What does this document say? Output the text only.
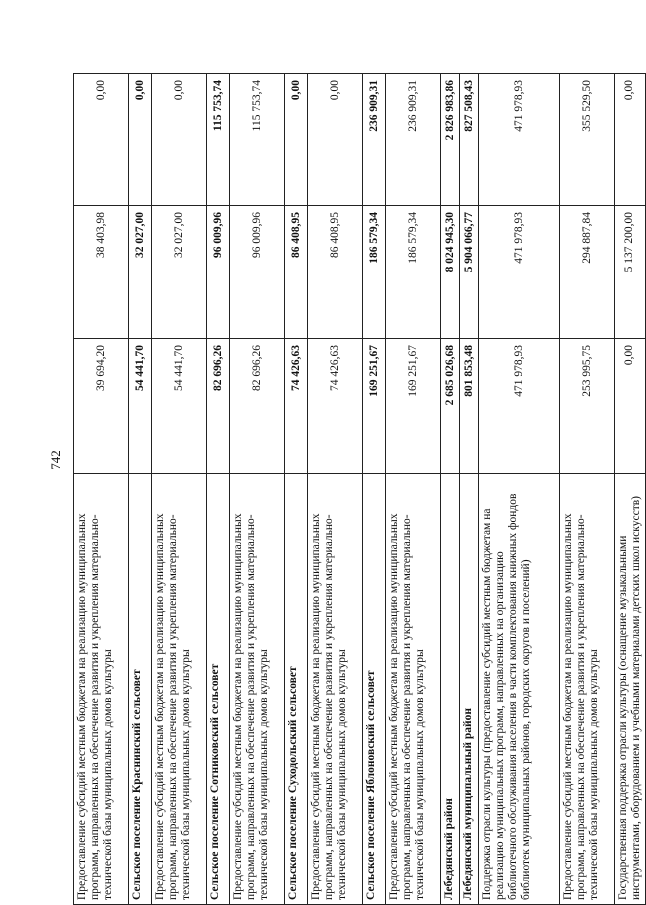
742
Предоставление субсидий местным бюджетам на реализацию муниципальных программ, направленных на обеспечение развития и укрепления материально-технической базы муниципальных домов культуры	39 694,20	38 403,98	0,00
Сельское поселение Краснинский сельсовет	54 441,70	32 027,00	0,00
Предоставление субсидий местным бюджетам на реализацию муниципальных программ, направленных на обеспечение развития и укрепления материально-технической базы муниципальных домов культуры	54 441,70	32 027,00	0,00
Сельское поселение Сотниковский сельсовет	82 696,26	96 009,96	115 753,74
Предоставление субсидий местным бюджетам на реализацию муниципальных программ, направленных на обеспечение развития и укрепления материально-технической базы муниципальных домов культуры	82 696,26	96 009,96	115 753,74
Сельское поселение Суходольский сельсовет	74 426,63	86 408,95	0,00
Предоставление субсидий местным бюджетам на реализацию муниципальных программ, направленных на обеспечение развития и укрепления материально-технической базы муниципальных домов культуры	74 426,63	86 408,95	0,00
Сельское поселение Яблоновский сельсовет	169 251,67	186 579,34	236 909,31
Предоставление субсидий местным бюджетам на реализацию муниципальных программ, направленных на обеспечение развития и укрепления материально-технической базы муниципальных домов культуры	169 251,67	186 579,34	236 909,31
Лебедянский район	2 685 026,68	8 024 945,30	2 826 983,86
Лебедянский муниципальный район	801 853,48	5 904 066,77	827 508,43
Поддержка отрасли культуры (предоставление субсидий местным бюджетам на реализацию муниципальных программ, направленных на организацию библиотечного обслуживания населения в части комплектования книжных фондов библиотек муниципальных районов, городских округов и поселений)	471 978,93	471 978,93	471 978,93
Предоставление субсидий местным бюджетам на реализацию муниципальных программ, направленных на обеспечение развития и укрепления материально-технической базы муниципальных домов культуры	253 995,75	294 887,84	355 529,50
Государственная поддержка отрасли культуры (оснащение музыкальными инструментами, оборудованием и учебными материалами детских школ искусств)	0,00	5 137 200,00	0,00
